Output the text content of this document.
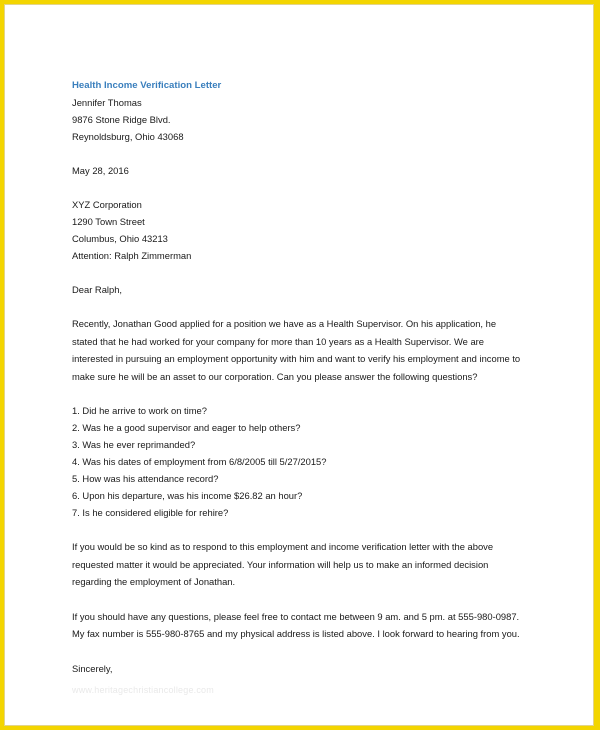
Health Income Verification Letter
Jennifer Thomas
9876 Stone Ridge Blvd.
Reynoldsburg, Ohio 43068
May 28, 2016
XYZ Corporation
1290 Town Street
Columbus, Ohio 43213
Attention: Ralph Zimmerman
Dear Ralph,
Recently, Jonathan Good applied for a position we have as a Health Supervisor. On his application, he
stated that he had worked for your company for more than 10 years as a Health Supervisor. We are
interested in pursuing an employment opportunity with him and want to verify his employment and income to
make sure he will be an asset to our corporation. Can you please answer the following questions?
1. Did he arrive to work on time?
2. Was he a good supervisor and eager to help others?
3. Was he ever reprimanded?
4. Was his dates of employment from 6/8/2005 till 5/27/2015?
5. How was his attendance record?
6. Upon his departure, was his income $26.82 an hour?
7. Is he considered eligible for rehire?
If you would be so kind as to respond to this employment and income verification letter with the above
requested matter it would be appreciated. Your information will help us to make an informed decision
regarding the employment of Jonathan.
If you should have any questions, please feel free to contact me between 9 am. and 5 pm. at 555-980-0987.
My fax number is 555-980-8765 and my physical address is listed above. I look forward to hearing from you.
Sincerely,
www.heritagechristiancollege.com
